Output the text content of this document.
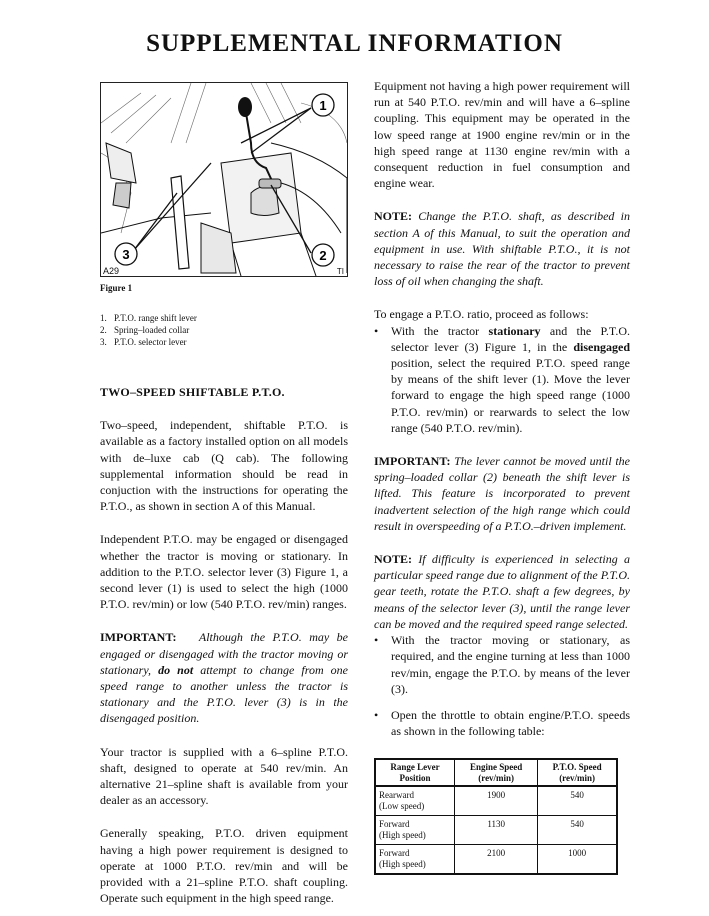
SUPPLEMENTAL INFORMATION
1
2
3
A29	TI

Figure 1

1. P.T.O. range shift lever
2. Spring–loaded collar
3. P.T.O. selector lever
TWO–SPEED SHIFTABLE P.T.O.

Two–speed, independent, shiftable P.T.O. is available as a factory installed option on all models with de–luxe cab (Q cab). The following supplemental information should be read in conjuction with the instructions for operating the P.T.O., as shown in section A of this Manual.

Independent P.T.O. may be engaged or disengaged whether the tractor is moving or stationary. In addition to the P.T.O. selector lever (3) Figure 1, a second lever (1) is used to select the high (1000 P.T.O. rev/min) or low (540 P.T.O. rev/min) ranges.

IMPORTANT: Although the P.T.O. may be engaged or disengaged with the tractor moving or stationary, do not attempt to change from one speed range to another unless the tractor is stationary and the P.T.O. lever (3) is in the disengaged position.

Your tractor is supplied with a 6–spline P.T.O. shaft, designed to operate at 540 rev/min. An alternative 21–spline shaft is available from your dealer as an accessory.

Generally speaking, P.T.O. driven equipment having a high power requirement is designed to operate at 1000 P.T.O. rev/min and will be provided with a 21–spline P.T.O. shaft coupling. Operate such equipment in the high speed range.

Equipment not having a high power requirement will run at 540 P.T.O. rev/min and will have a 6–spline coupling. This equipment may be operated in the low speed range at 1900 engine rev/min or in the high speed range at 1130 engine rev/min with a consequent reduction in fuel consumption and engine wear.

NOTE: Change the P.T.O. shaft, as described in section A of this Manual, to suit the operation and equipment in use. With shiftable P.T.O., it is not necessary to raise the rear of the tractor to prevent loss of oil when changing the shaft.

To engage a P.T.O. ratio, proceed as follows:

• With the tractor stationary and the P.T.O. selector lever (3) Figure 1, in the disengaged position, select the required P.T.O. speed range by means of the shift lever (1). Move the lever forward to engage the high speed range (1000 P.T.O. rev/min) or rearwards to select the low range (540 P.T.O. rev/min).

IMPORTANT: The lever cannot be moved until the spring–loaded collar (2) beneath the shift lever is lifted. This feature is incorporated to prevent inadvertent selection of the high range which could result in overspeeding of a P.T.O.–driven implement.

NOTE: If difficulty is experienced in selecting a particular speed range due to alignment of the P.T.O. gear teeth, rotate the P.T.O. shaft a few degrees, by means of the selector lever (3), until the range lever can be moved and the required speed range selected.

• With the tractor moving or stationary, as required, and the engine turning at less than 1000 rev/min, engage the P.T.O. by means of the lever (3).
• Open the throttle to obtain engine/P.T.O. speeds as shown in the following table:
Range Lever
Position	Engine Speed
(rev/min)	P.T.O. Speed
(rev/min)
Rearward
(Low speed)	1900	540
Forward
(High speed)	1130	540
Forward
(High speed)	2100	1000
